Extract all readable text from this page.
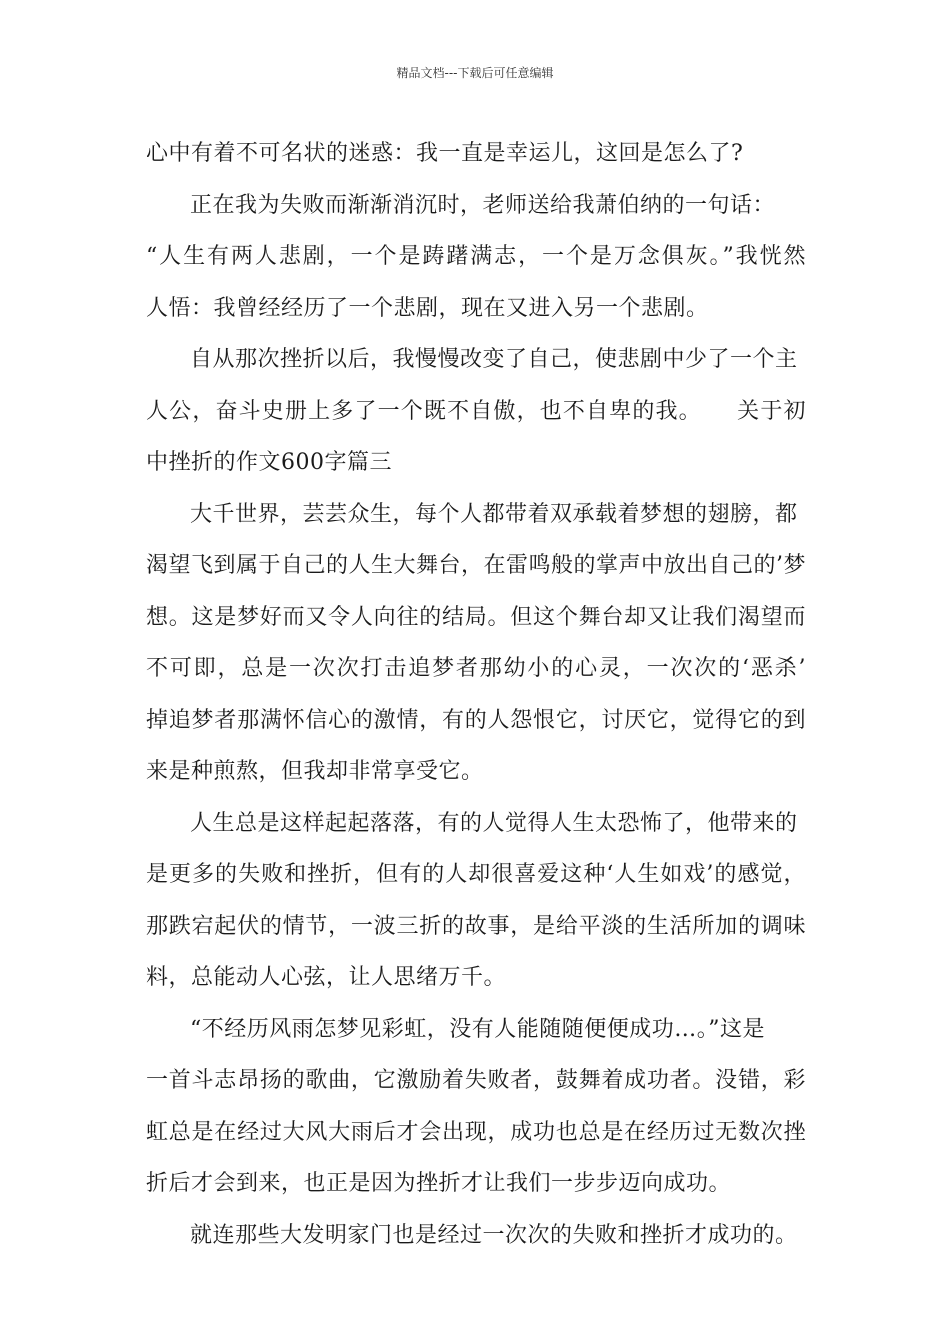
精品文档---下载后可任意编辑
心中有着不可名状的迷惑：我一直是幸运儿，这回是怎么了?
正在我为失败而渐渐消沉时，老师送给我萧伯纳的一句话：
“人生有两人悲剧，一个是踌躇满志，一个是万念俱灰。”我恍然
人悟：我曾经经历了一个悲剧，现在又进入另一个悲剧。
自从那次挫折以后，我慢慢改变了自己，使悲剧中少了一个主
人公，奋斗史册上多了一个既不自傲，也不自卑的我。　　关于初
中挫折的作文600字篇三
大千世界，芸芸众生，每个人都带着双承载着梦想的翅膀，都
渴望飞到属于自己的人生大舞台，在雷鸣般的掌声中放出自己的’梦
想。这是梦好而又令人向往的结局。但这个舞台却又让我们渴望而
不可即，总是一次次打击追梦者那幼小的心灵，一次次的‘恶杀’
掉追梦者那满怀信心的激情，有的人怨恨它，讨厌它，觉得它的到
来是种煎熬，但我却非常享受它。
人生总是这样起起落落，有的人觉得人生太恐怖了，他带来的
是更多的失败和挫折，但有的人却很喜爱这种‘人生如戏’的感觉，
那跌宕起伏的情节，一波三折的故事，是给平淡的生活所加的调味
料，总能动人心弦，让人思绪万千。
“不经历风雨怎梦见彩虹，没有人能随随便便成功…。”这是
一首斗志昂扬的歌曲，它激励着失败者，鼓舞着成功者。没错，彩
虹总是在经过大风大雨后才会出现，成功也总是在经历过无数次挫
折后才会到来，也正是因为挫折才让我们一步步迈向成功。
就连那些大发明家门也是经过一次次的失败和挫折才成功的。
